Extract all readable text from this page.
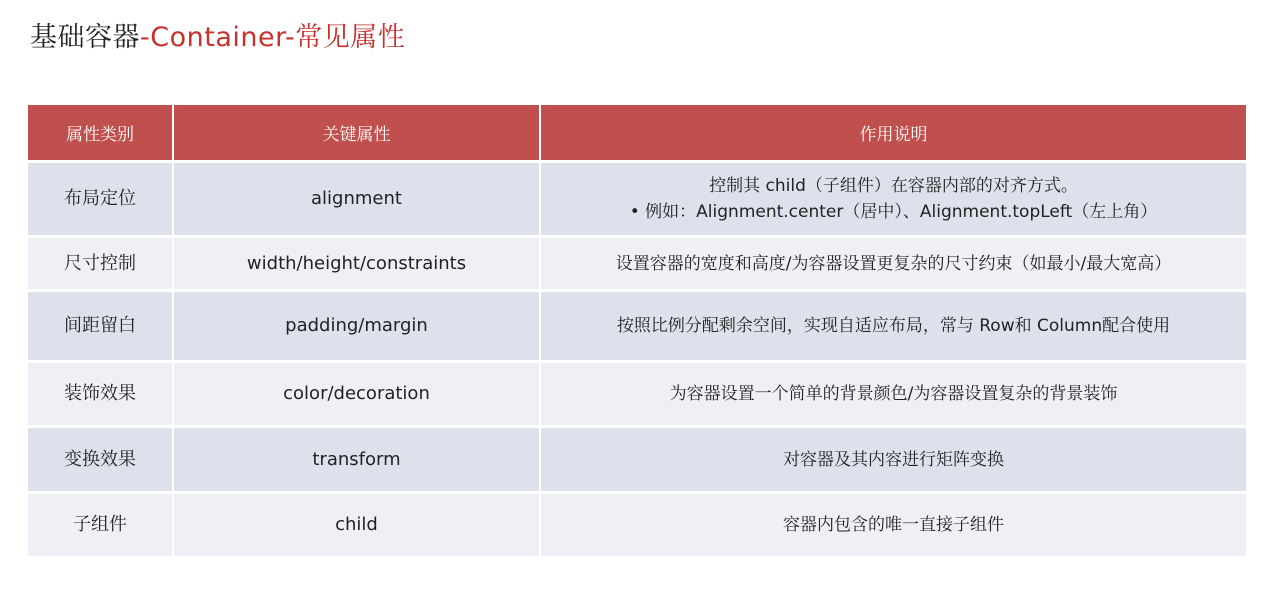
基础容器-Container-常见属性
属性类别	关键属性	作用说明
布局定位	alignment	控制其 child（子组件）在容器内部的对齐方式。
• 例如：Alignment.center（居中）、Alignment.topLeft（左上角）

尺寸控制	width/height/constraints	设置容器的宽度和高度/为容器设置更复杂的尺寸约束（如最小/最大宽高）

间距留白	padding/margin	按照比例分配剩余空间，实现自适应布局，常与 Row和 Column配合使用

装饰效果	color/decoration	为容器设置一个简单的背景颜色/为容器设置复杂的背景装饰

变换效果	transform	对容器及其内容进行矩阵变换

子组件	child	容器内包含的唯一直接子组件
